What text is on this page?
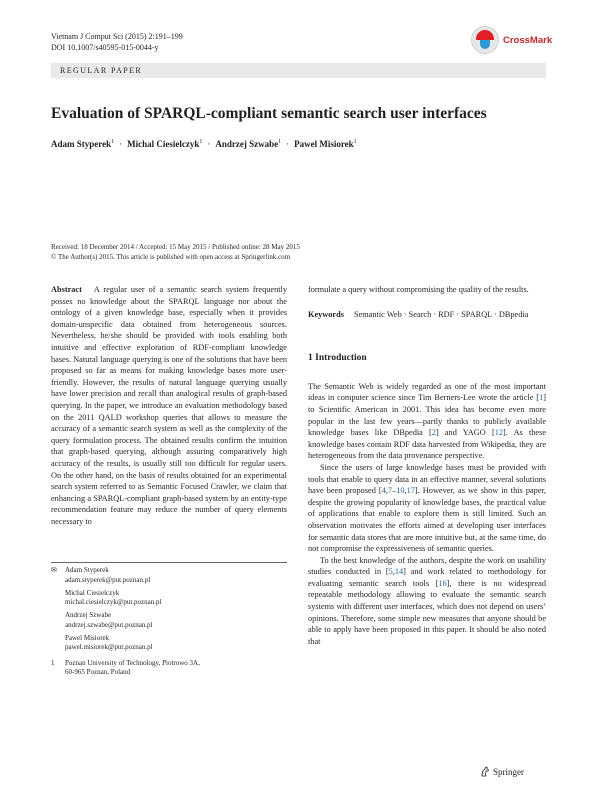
Vietnam J Comput Sci (2015) 2:191–199
DOI 10.1007/s40595-015-0044-y
CrossMark
REGULAR PAPER
Evaluation of SPARQL-compliant semantic search user interfaces
Adam Styperek$^1$ · Michal Ciesielczyk$^1$ · Andrzej Szwabe$^1$ · Pawel Misiorek$^1$
Received: 18 December 2014 / Accepted: 15 May 2015 / Published online: 28 May 2015
© The Author(s) 2015. This article is published with open access at Springerlink.com

Abstract A regular user of a semantic search system frequently posses no knowledge about the SPARQL language nor about the ontology of a given knowledge base, especially when it provides domain-unspecific data obtained from heterogeneous sources. Nevertheless, he/she should be provided with tools enabling both intuitive and effective exploration of RDF-compliant knowledge bases. Natural language querying is one of the solutions that have been proposed so far as means for making knowledge bases more user-friendly. However, the results of natural language querying usually have lower precision and recall than analogical results of graph-based querying. In the paper, we introduce an evaluation methodology based on the 2011 QALD workshop queries that allows to measure the accuracy of a semantic search system as well as the complexity of the query formulation process. The obtained results confirm the intuition that graph-based querying, although assuring comparatively high accuracy of the results, is usually still too difficult for regular users. On the other hand, on the basis of results obtained for an experimental search system referred to as Semantic Focused Crawler, we claim that enhancing a SPARQL-compliant graph-based system by an entity-type recommendation feature may reduce the number of query elements necessary to

✉	Adam Styperek
adam.styperek@put.poznan.pl
Michal Ciesielczyk
michal.ciesielczyk@put.poznan.pl
Andrzej Szwabe
andrzej.szwabe@put.poznan.pl
Pawel Misiorek
pawel.misiorek@put.poznan.pl
1	Poznan University of Technology, Piotrowo 3A,
60-965 Poznan, Poland

formulate a query without compromising the quality of the results.

Keywords Semantic Web · Search · RDF · SPARQL · DBpedia

1 Introduction

The Semantic Web is widely regarded as one of the most important ideas in computer science since Tim Berners-Lee wrote the article [1] to Scientific American in 2001. This idea has become even more popular in the last few years—partly thanks to publicly available knowledge bases like DBpedia [2] and YAGO [12]. As these knowledge bases contain RDF data harvested from Wikipedia, they are heterogeneous from the data provenance perspective.

Since the users of large knowledge bases must be provided with tools that enable to query data in an effective manner, several solutions have been proposed [4,7–10,17]. However, as we show in this paper, despite the growing popularity of knowledge bases, the practical value of applications that enable to explore them is still limited. Such an observation motivates the efforts aimed at developing user interfaces for semantic data stores that are more intuitive but, at the same time, do not compromise the expressiveness of semantic queries.

To the best knowledge of the authors, despite the work on usability studies conducted in [5,14] and work related to methodology for evaluating semantic search tools [16], there is no widespread repeatable methodology allowing to evaluate the semantic search systems with different user interfaces, which does not depend on users’ opinions. Therefore, some simple new measures that anyone should be able to apply have been proposed in this paper. It should be also noted that

Springer
